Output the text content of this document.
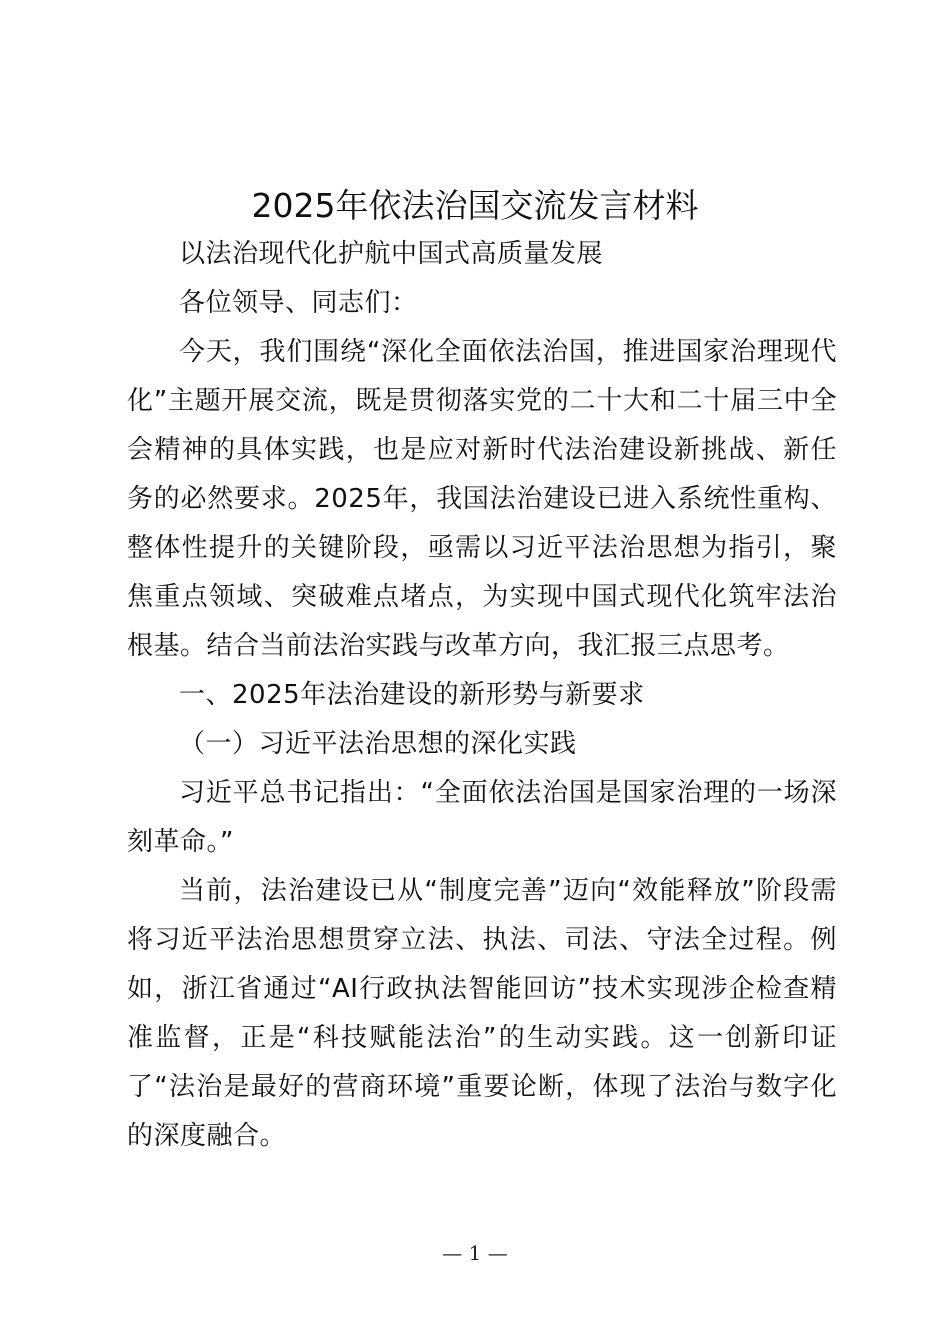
2025年依法治国交流发言材料

以法治现代化护航中国式高质量发展

各位领导、同志们：

今天，我们围绕“深化全面依法治国，推进国家治理现代化”主题开展交流，既是贯彻落实党的二十大和二十届三中全会精神的具体实践，也是应对新时代法治建设新挑战、新任务的必然要求。2025年，我国法治建设已进入系统性重构、整体性提升的关键阶段，亟需以习近平法治思想为指引，聚焦重点领域、突破难点堵点，为实现中国式现代化筑牢法治根基。结合当前法治实践与改革方向，我汇报三点思考。

一、2025年法治建设的新形势与新要求

（一）习近平法治思想的深化实践

习近平总书记指出：“全面依法治国是国家治理的一场深刻革命。”

当前，法治建设已从“制度完善”迈向“效能释放”阶段需将习近平法治思想贯穿立法、执法、司法、守法全过程。例如，浙江省通过“AI行政执法智能回访”技术实现涉企检查精准监督，正是“科技赋能法治”的生动实践。这一创新印证了“法治是最好的营商环境”重要论断，体现了法治与数字化的深度融合。

— 1 —
